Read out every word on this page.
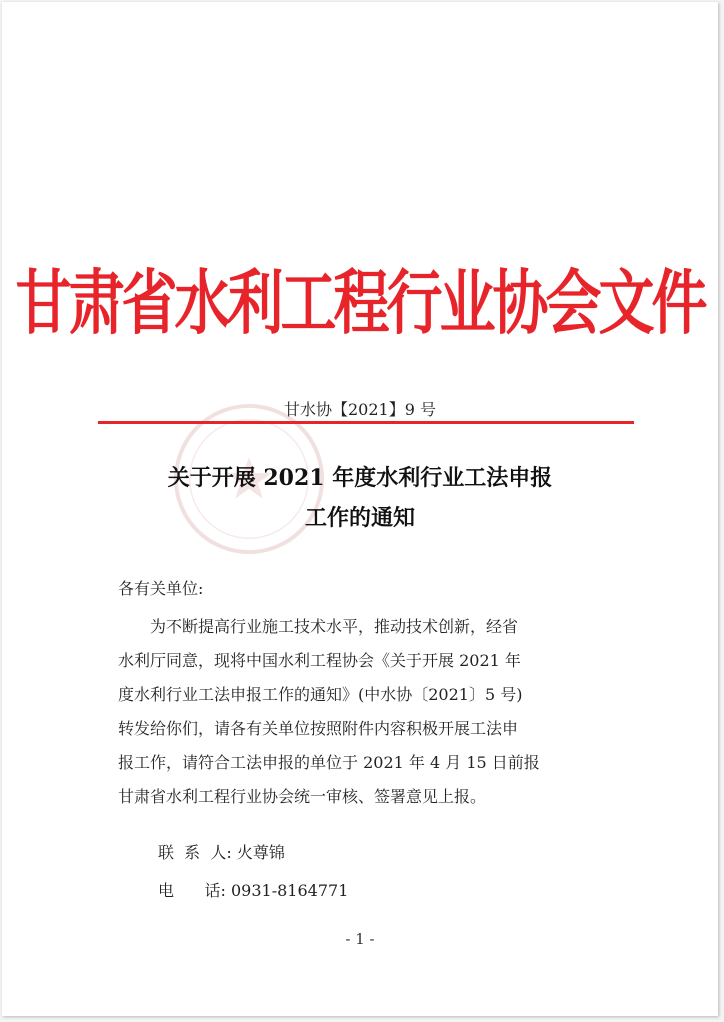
甘肃省水利工程行业协会文件
甘水协【2021】9 号
关于开展 2021 年度水利行业工法申报
工作的通知
各有关单位:
为不断提高行业施工技术水平，推动技术创新，经省
水利厅同意，现将中国水利工程协会《关于开展 2021 年
度水利行业工法申报工作的通知》(中水协〔2021〕5 号)
转发给你们，请各有关单位按照附件内容积极开展工法申
报工作，请符合工法申报的单位于 2021 年 4 月 15 日前报
甘肃省水利工程行业协会统一审核、签署意见上报。
联  系  人: 火尊锦
电      话: 0931-8164771
- 1 -
